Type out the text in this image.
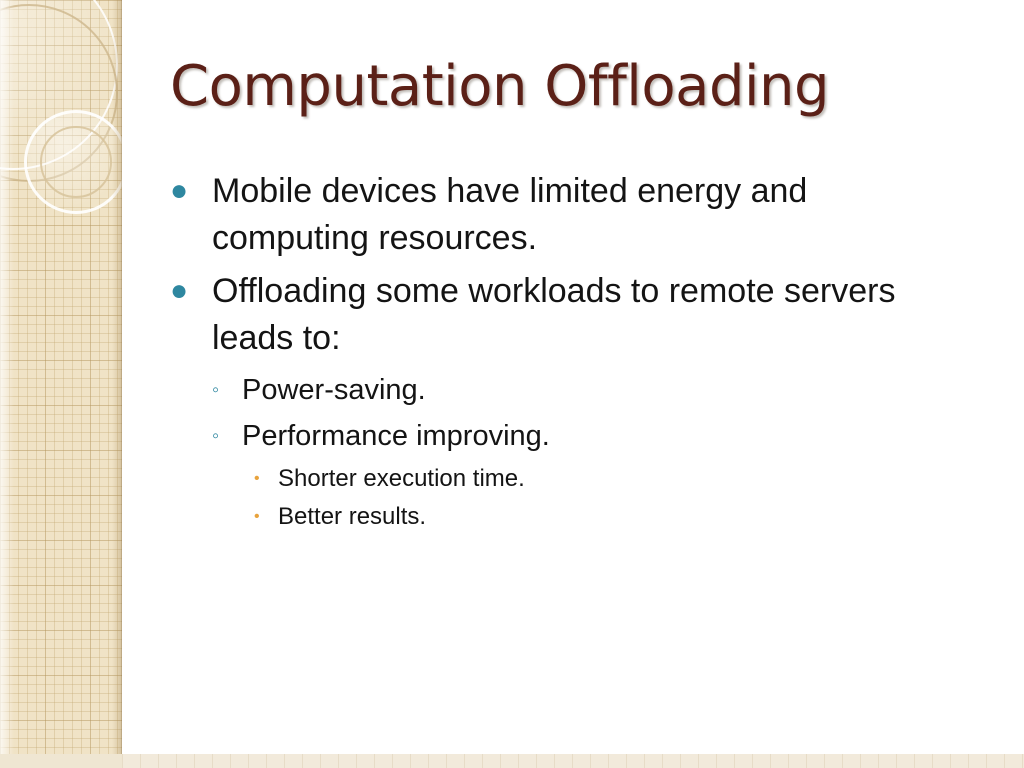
Computation Offloading
● Mobile devices have limited energy and computing resources.
● Offloading some workloads to remote servers leads to:
◦ Power-saving.
◦ Performance improving.
• Shorter execution time.
• Better results.
